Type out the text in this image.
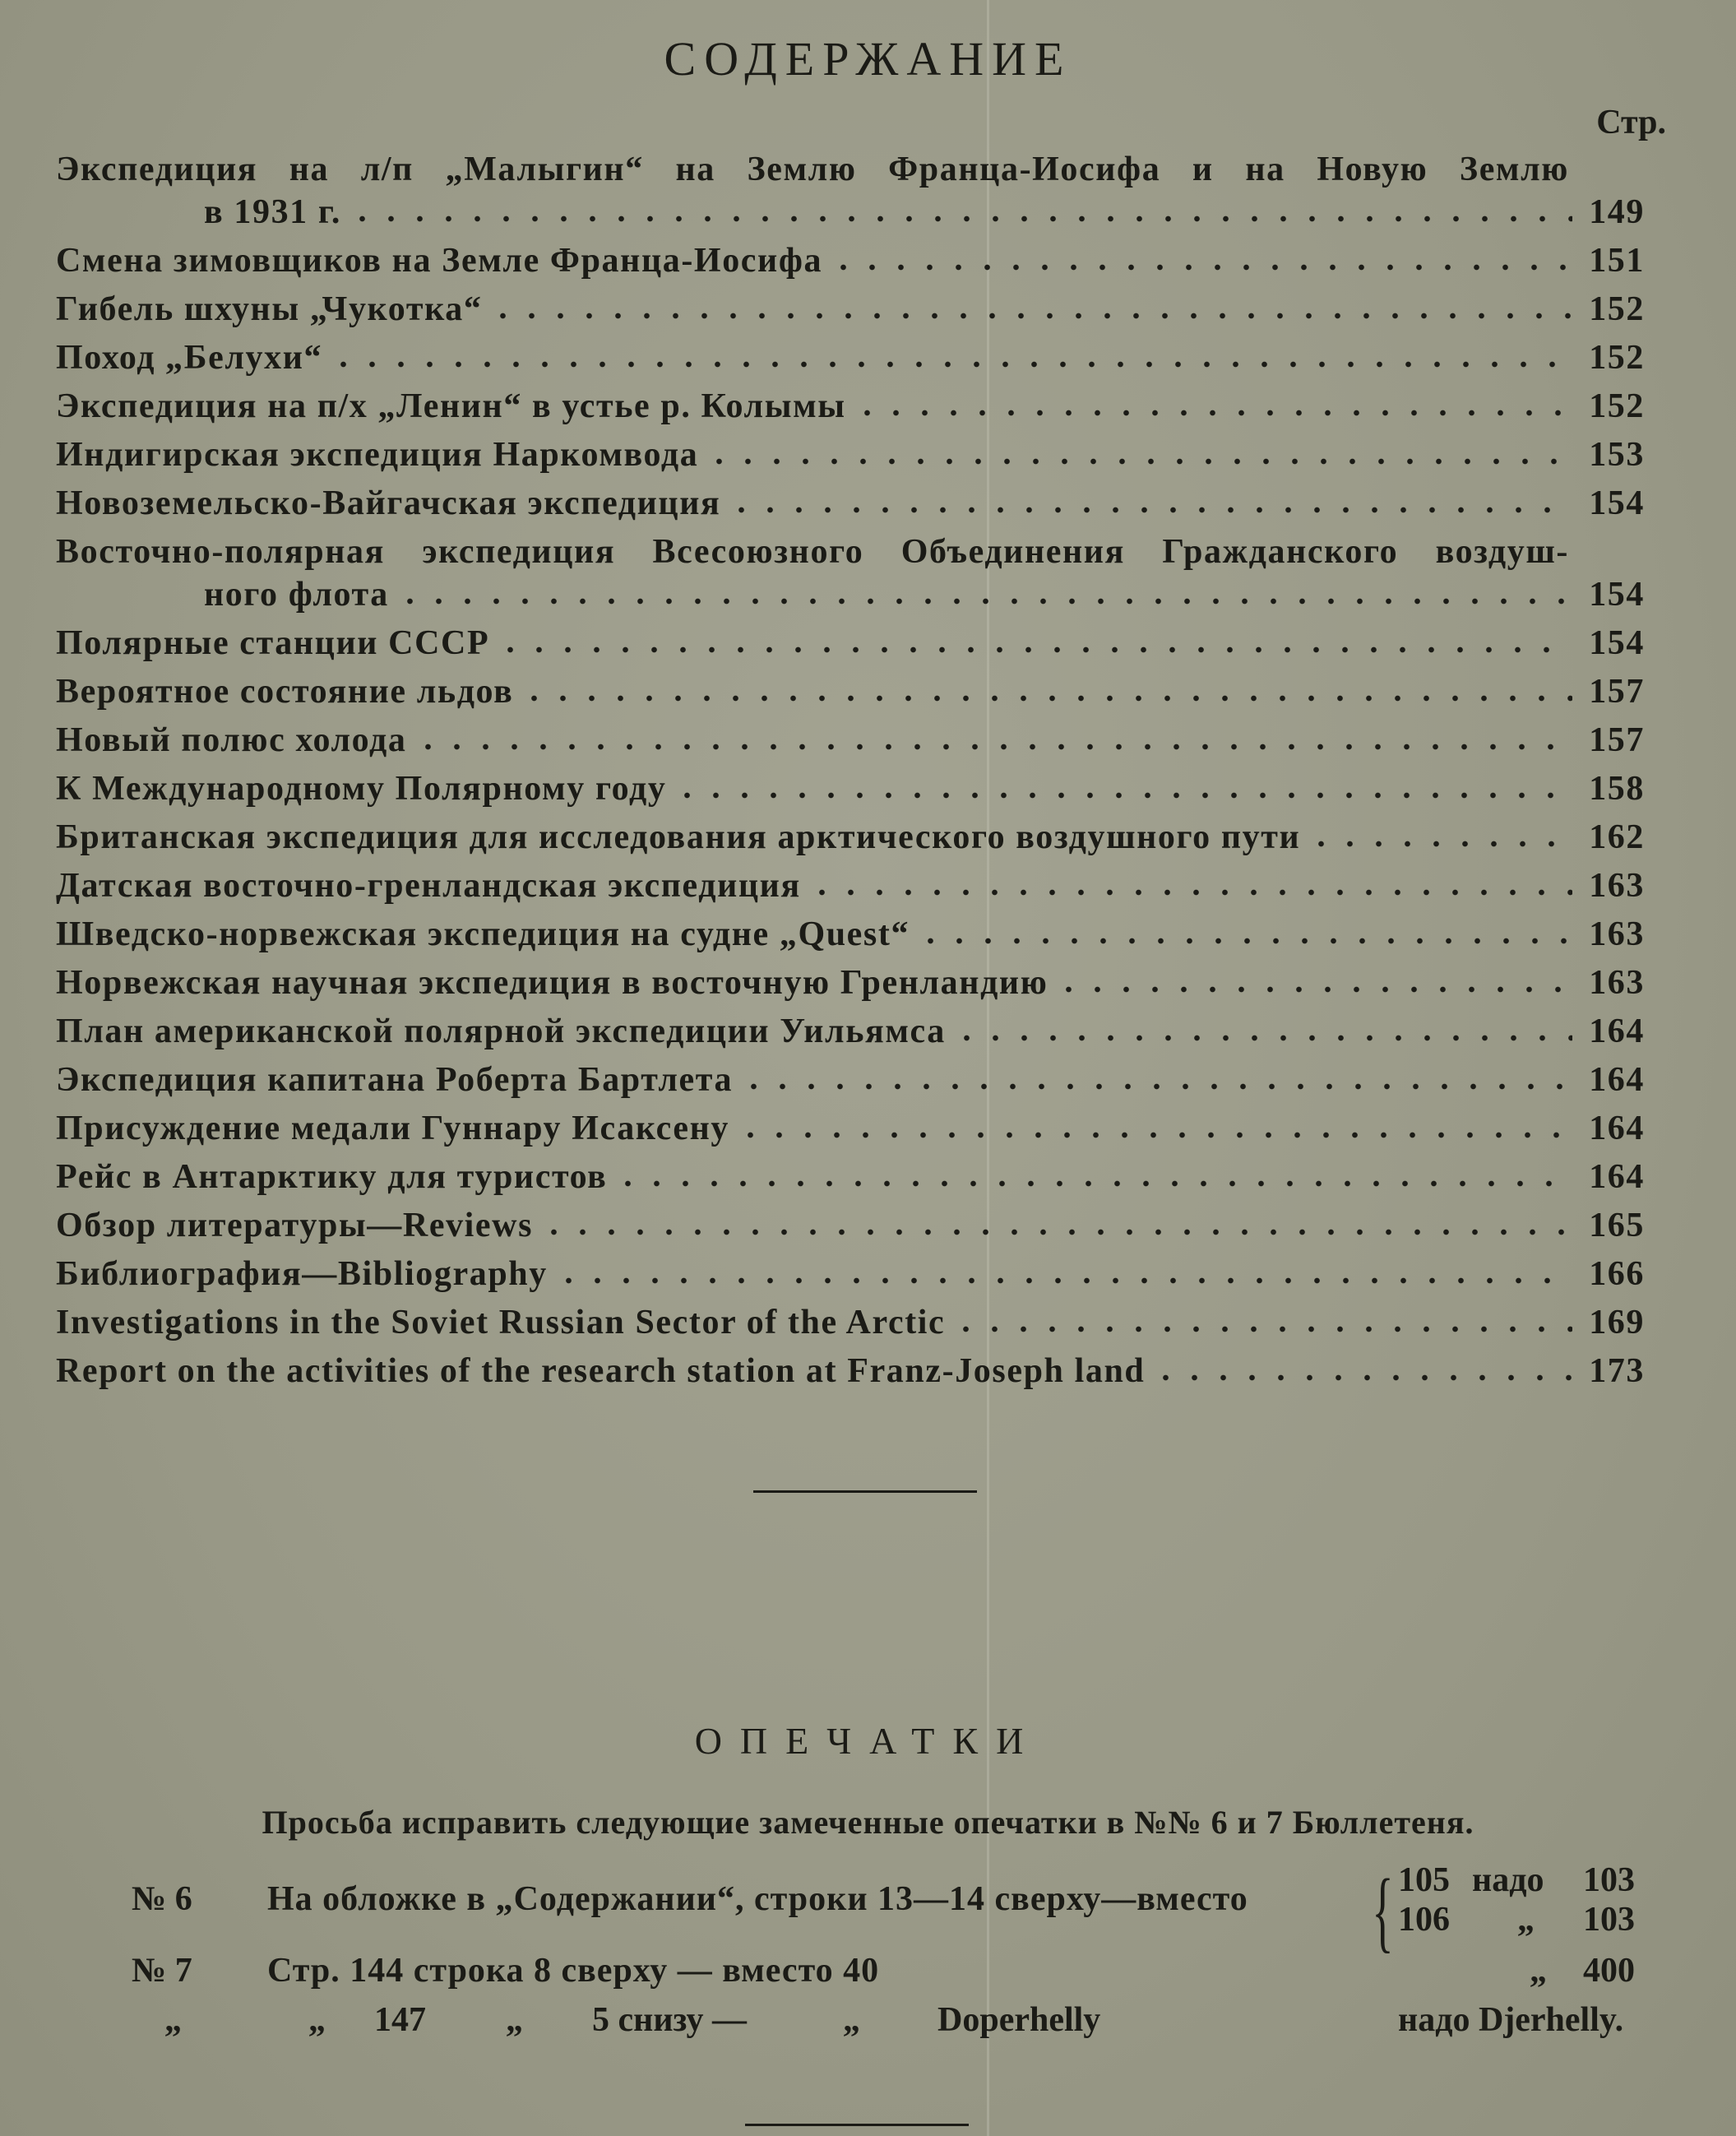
СОДЕРЖАНИЕ
Стр.
Экспедиция на л/п „Малыгин“ на Землю Франца-Иосифа и на Новую Землю
в 1931 г.	149
Смена зимовщиков на Земле Франца-Иосифа	151
Гибель шхуны „Чукотка“	152
Поход „Белухи“	152
Экспедиция на п/х „Ленин“ в устье р. Колымы	152
Индигирская экспедиция Наркомвода	153
Новоземельско-Вайгачская экспедиция	154
Восточно-полярная экспедиция Всесоюзного Объединения Гражданского воздуш-
ного флота	154
Полярные станции СССР	154
Вероятное состояние льдов	157
Новый полюс холода	157
К Международному Полярному году	158
Британская экспедиция для исследования арктического воздушного пути	162
Датская восточно-гренландская экспедиция	163
Шведско-норвежская экспедиция на судне „Quest“	163
Норвежская научная экспедиция в восточную Гренландию	163
План американской полярной экспедиции Уильямса	164
Экспедиция капитана Роберта Бартлета	164
Присуждение медали Гуннару Исаксену	164
Рейс в Антарктику для туристов	164
Обзор литературы—Reviews	165
Библиография—Bibliography	166
Investigations in the Soviet Russian Sector of the Arctic	169
Report on the activities of the research station at Franz-Joseph land	173
ОПЕЧАТКИ
Просьба исправить следующие замеченные опечатки в №№ 6 и 7 Бюллетеня.
№ 6 На обложке в „Содержании“, строки 13—14 сверху—вместо { 105 надо 103
106 „ 103
№ 7 Стр. 144 строка 8 сверху — вместо 40	„ 400
„	„ 147 „ 5 снизу —	„ Doperhelly	надо Djerhelly.
